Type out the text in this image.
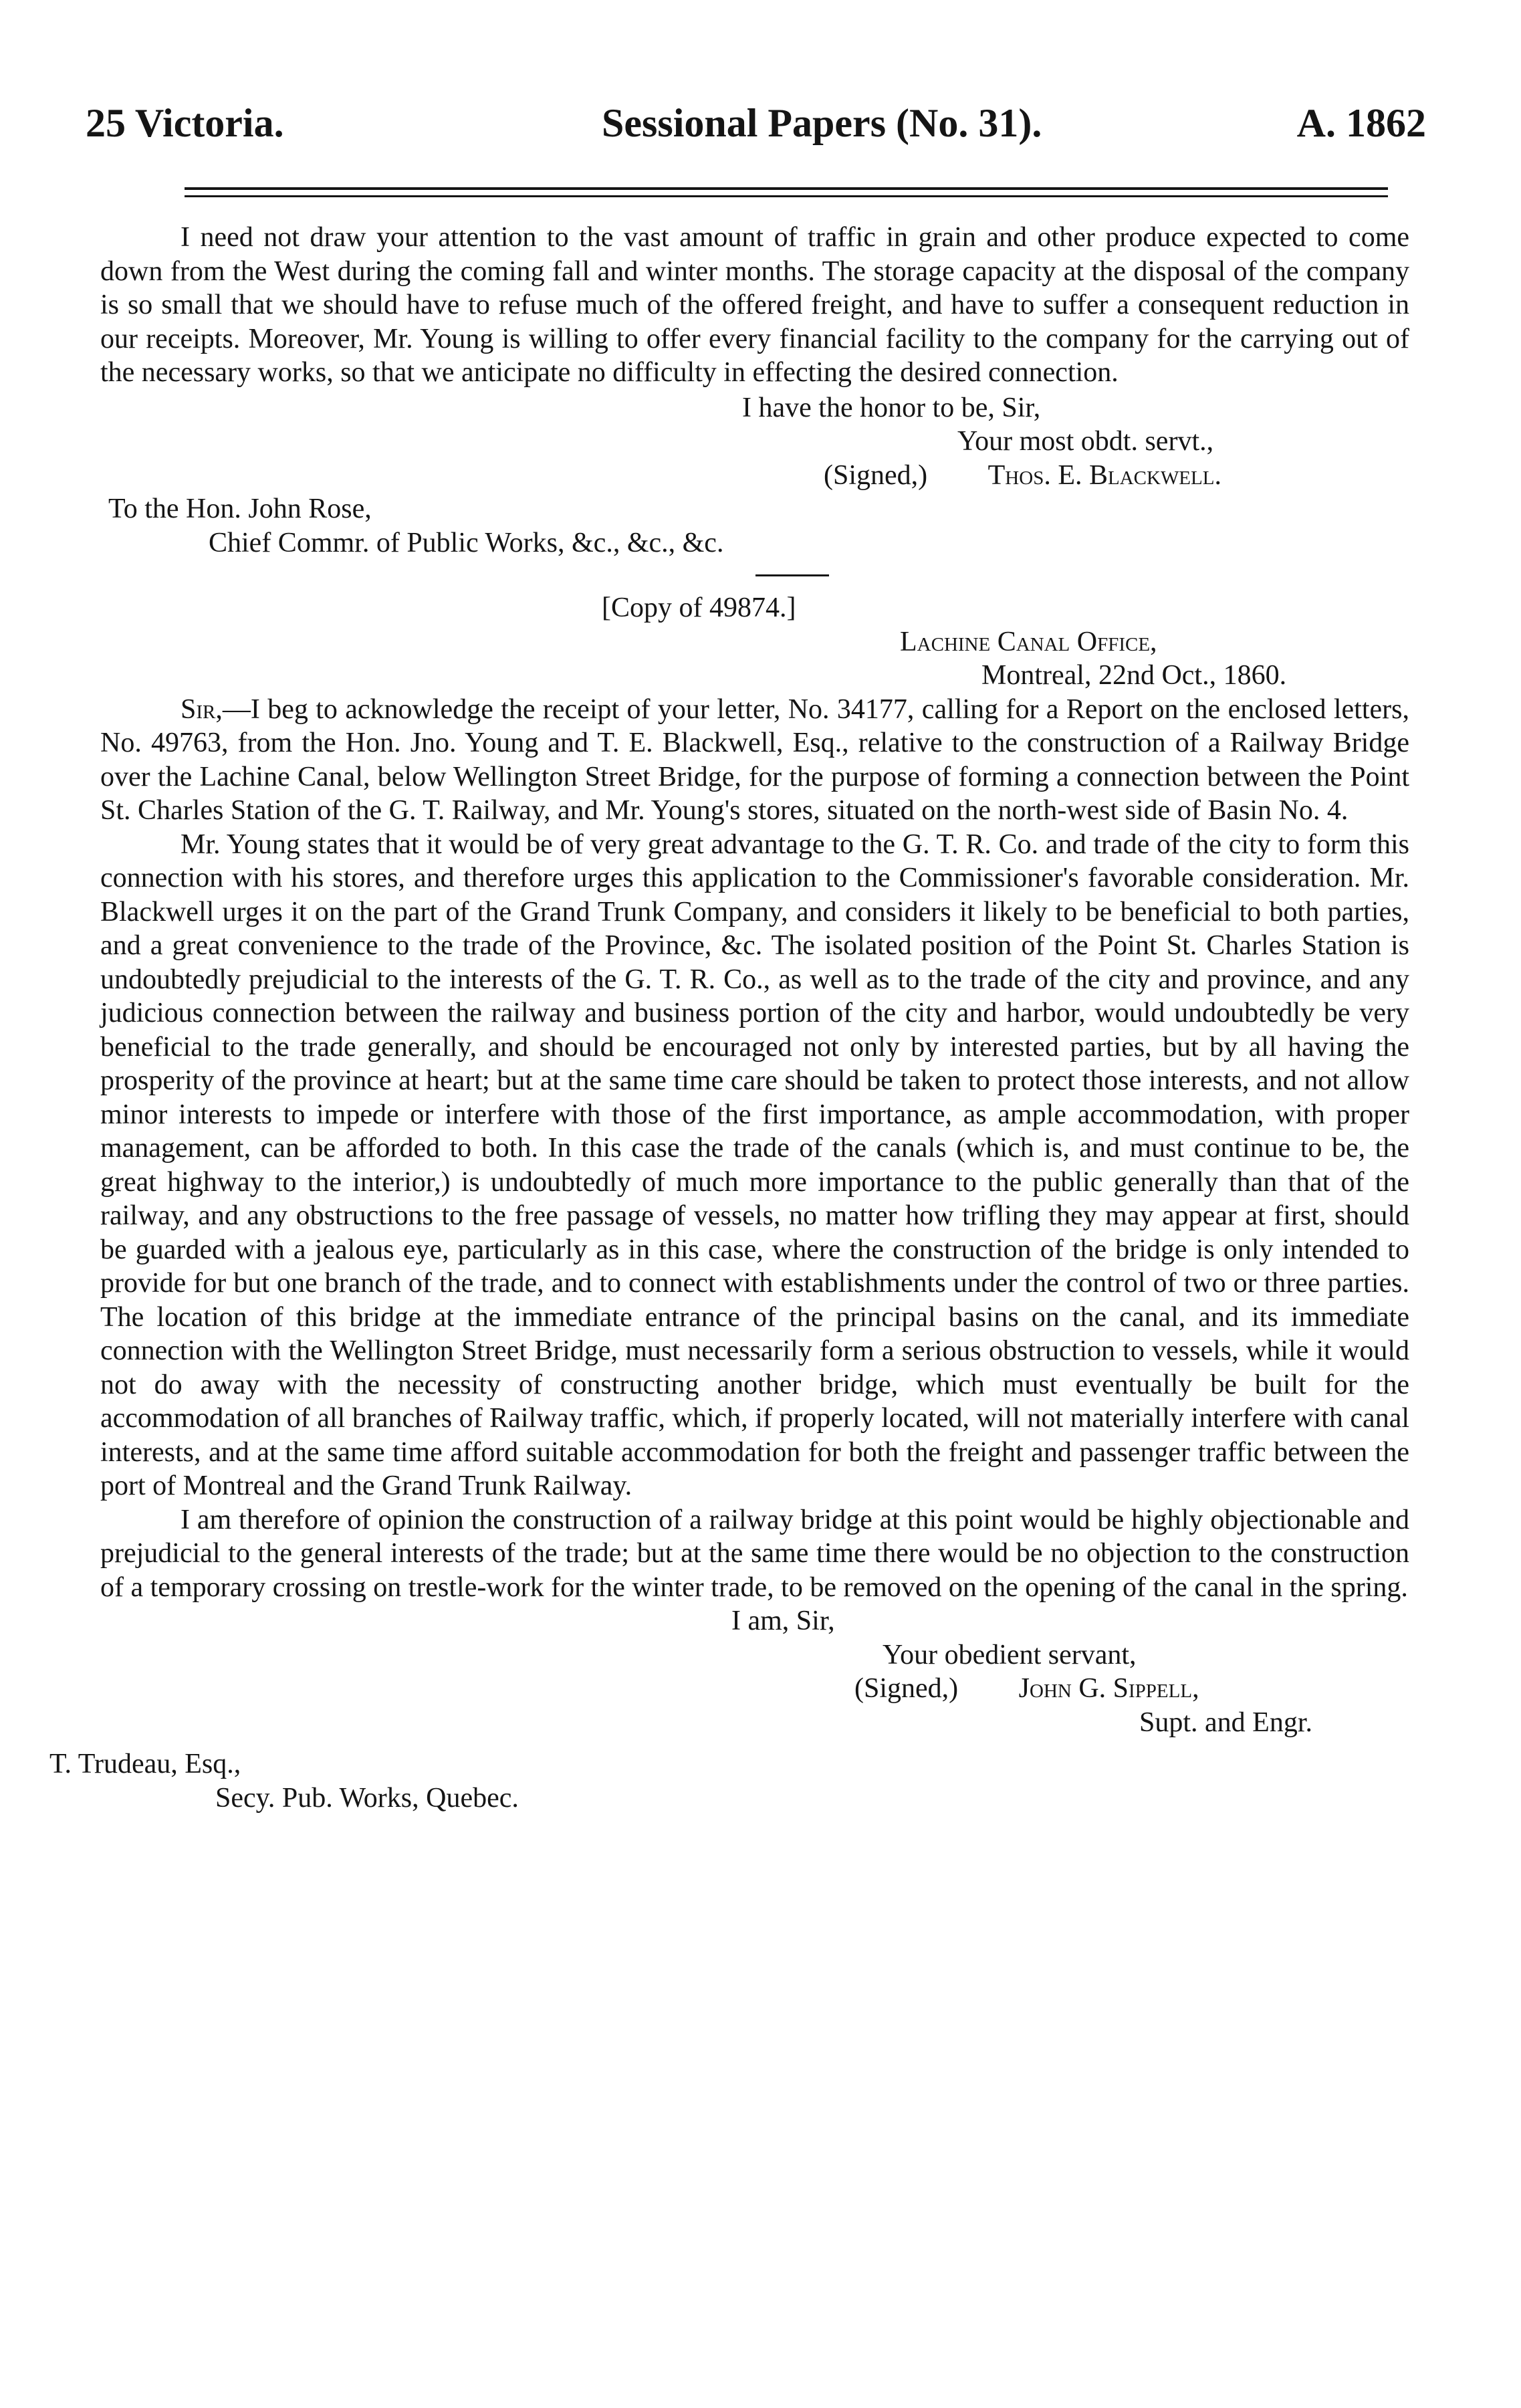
25 Victoria.	Sessional Papers (No. 31).	A. 1862

I need not draw your attention to the vast amount of traffic in grain and other produce expected to come down from the West during the coming fall and winter months. The storage capacity at the disposal of the company is so small that we should have to refuse much of the offered freight, and have to suffer a consequent reduction in our receipts. Moreover, Mr. Young is willing to offer every financial facility to the company for the carrying out of the necessary works, so that we anticipate no difficulty in effecting the desired connection.

I have the honor to be, Sir,
Your most obdt. servt.,
(Signed,) Thos. E. Blackwell.
To the Hon. John Rose,
Chief Commr. of Public Works, &c., &c., &c.
[Copy of 49874.]
Lachine Canal Office,
Montreal, 22nd Oct., 1860.

Sir,—I beg to acknowledge the receipt of your letter, No. 34177, calling for a Report on the enclosed letters, No. 49763, from the Hon. Jno. Young and T. E. Blackwell, Esq., relative to the construction of a Railway Bridge over the Lachine Canal, below Wellington Street Bridge, for the purpose of forming a connection between the Point St. Charles Station of the G. T. Railway, and Mr. Young's stores, situated on the north-west side of Basin No. 4.

Mr. Young states that it would be of very great advantage to the G. T. R. Co. and trade of the city to form this connection with his stores, and therefore urges this application to the Commissioner's favorable consideration. Mr. Blackwell urges it on the part of the Grand Trunk Company, and considers it likely to be beneficial to both parties, and a great convenience to the trade of the Province, &c. The isolated position of the Point St. Charles Station is undoubtedly prejudicial to the interests of the G. T. R. Co., as well as to the trade of the city and province, and any judicious connection between the railway and business portion of the city and harbor, would undoubtedly be very beneficial to the trade generally, and should be encouraged not only by interested parties, but by all having the prosperity of the province at heart; but at the same time care should be taken to protect those interests, and not allow minor interests to impede or interfere with those of the first importance, as ample accommodation, with proper management, can be afforded to both. In this case the trade of the canals (which is, and must continue to be, the great highway to the interior,) is undoubtedly of much more importance to the public generally than that of the railway, and any obstructions to the free passage of vessels, no matter how trifling they may appear at first, should be guarded with a jealous eye, particularly as in this case, where the construction of the bridge is only intended to provide for but one branch of the trade, and to connect with establishments under the control of two or three parties. The location of this bridge at the immediate entrance of the principal basins on the canal, and its immediate connection with the Wellington Street Bridge, must necessarily form a serious obstruction to vessels, while it would not do away with the necessity of constructing another bridge, which must eventually be built for the accommodation of all branches of Railway traffic, which, if properly located, will not materially interfere with canal interests, and at the same time afford suitable accommodation for both the freight and passenger traffic between the port of Montreal and the Grand Trunk Railway.

I am therefore of opinion the construction of a railway bridge at this point would be highly objectionable and prejudicial to the general interests of the trade; but at the same time there would be no objection to the construction of a temporary crossing on trestle-work for the winter trade, to be removed on the opening of the canal in the spring.

I am, Sir,
Your obedient servant,
(Signed,) John G. Sippell,
Supt. and Engr.
T. Trudeau, Esq.,
Secy. Pub. Works, Quebec.
